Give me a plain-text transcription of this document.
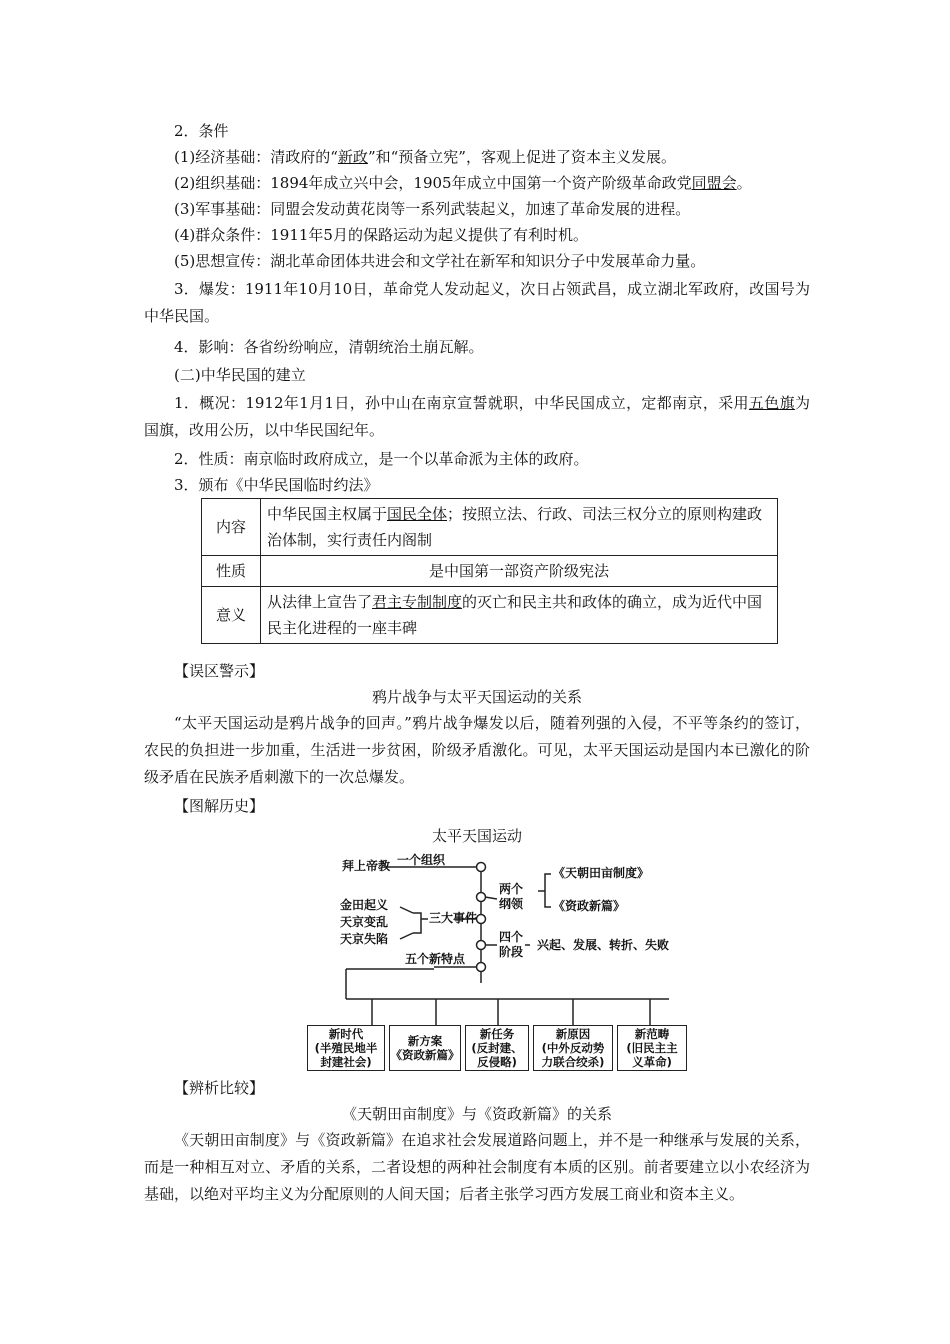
2．条件
(1)经济基础：清政府的“新政”和“预备立宪”，客观上促进了资本主义发展。
(2)组织基础：1894年成立兴中会，1905年成立中国第一个资产阶级革命政党同盟会。
(3)军事基础：同盟会发动黄花岗等一系列武装起义，加速了革命发展的进程。
(4)群众条件：1911年5月的保路运动为起义提供了有利时机。
(5)思想宣传：湖北革命团体共进会和文学社在新军和知识分子中发展革命力量。
3．爆发：1911年10月10日，革命党人发动起义，次日占领武昌，成立湖北军政府，改国号为中华民国。
4．影响：各省纷纷响应，清朝统治土崩瓦解。
(二)中华民国的建立
1．概况：1912年1月1日，孙中山在南京宣誓就职，中华民国成立，定都南京，采用五色旗为国旗，改用公历，以中华民国纪年。
2．性质：南京临时政府成立，是一个以革命派为主体的政府。
3．颁布《中华民国临时约法》
内容	中华民国主权属于国民全体；按照立法、行政、司法三权分立的原则构建政治体制，实行责任内阁制
性质	是中国第一部资产阶级宪法
意义	从法律上宣告了君主专制制度的灭亡和民主共和政体的确立，成为近代中国民主化进程的一座丰碑
【误区警示】
鸦片战争与太平天国运动的关系
“太平天国运动是鸦片战争的回声。”鸦片战争爆发以后，随着列强的入侵，不平等条约的签订，农民的负担进一步加重，生活进一步贫困，阶级矛盾激化。可见，太平天国运动是国内本已激化的阶级矛盾在民族矛盾刺激下的一次总爆发。
【图解历史】
太平天国运动
拜上帝教 一个组织
两个
纲领
《天朝田亩制度》
《资政新篇》
金田起义
天京变乱
天京失陷
三大事件
四个
阶段 兴起、发展、转折、失败
五个新特点
新时代
(半殖民地半
封建社会)
新方案
《资政新篇》
新任务
(反封建、
反侵略)
新原因
(中外反动势
力联合绞杀)
新范畴
(旧民主主
义革命)
【辨析比较】
《天朝田亩制度》与《资政新篇》的关系
《天朝田亩制度》与《资政新篇》在追求社会发展道路问题上，并不是一种继承与发展的关系，而是一种相互对立、矛盾的关系，二者设想的两种社会制度有本质的区别。前者要建立以小农经济为基础，以绝对平均主义为分配原则的人间天国；后者主张学习西方发展工商业和资本主义。
